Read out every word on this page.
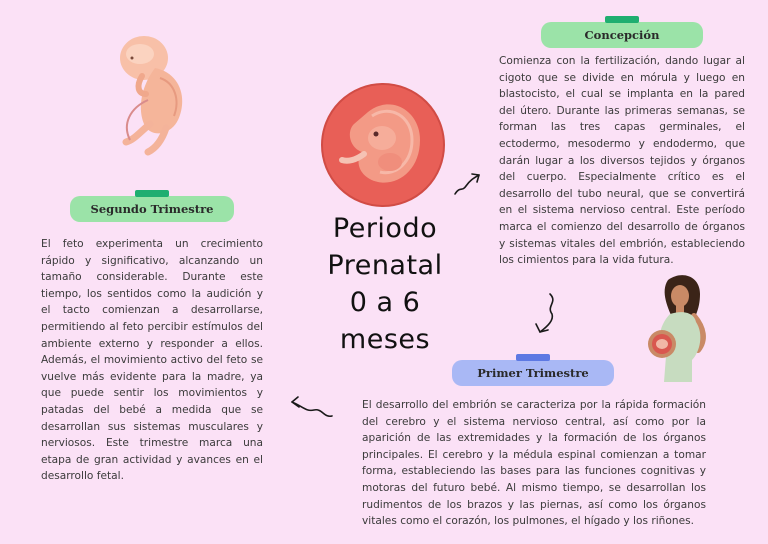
Periodo
Prenatal
0 a 6
meses
Concepción

Comienza con la fertilización, dando lugar al cigoto que se divide en mórula y luego en blastocisto, el cual se implanta en la pared del útero. Durante las primeras semanas, se forman las tres capas germinales, el ectodermo, mesodermo y endodermo, que darán lugar a los diversos tejidos y órganos del cuerpo. Especialmente crítico es el desarrollo del tubo neural, que se convertirá en el sistema nervioso central. Este período marca el comienzo del desarrollo de órganos y sistemas vitales del embrión, estableciendo los cimientos para la vida futura.

Segundo Trimestre

El feto experimenta un crecimiento rápido y significativo, alcanzando un tamaño considerable. Durante este tiempo, los sentidos como la audición y el tacto comienzan a desarrollarse, permitiendo al feto percibir estímulos del ambiente externo y responder a ellos. Además, el movimiento activo del feto se vuelve más evidente para la madre, ya que puede sentir los movimientos y patadas del bebé a medida que se desarrollan sus sistemas musculares y nerviosos. Este trimestre marca una etapa de gran actividad y avances en el desarrollo fetal.

Primer Trimestre

El desarrollo del embrión se caracteriza por la rápida formación del cerebro y el sistema nervioso central, así como por la aparición de las extremidades y la formación de los órganos principales. El cerebro y la médula espinal comienzan a tomar forma, estableciendo las bases para las funciones cognitivas y motoras del futuro bebé. Al mismo tiempo, se desarrollan los rudimentos de los brazos y las piernas, así como los órganos vitales como el corazón, los pulmones, el hígado y los riñones.
